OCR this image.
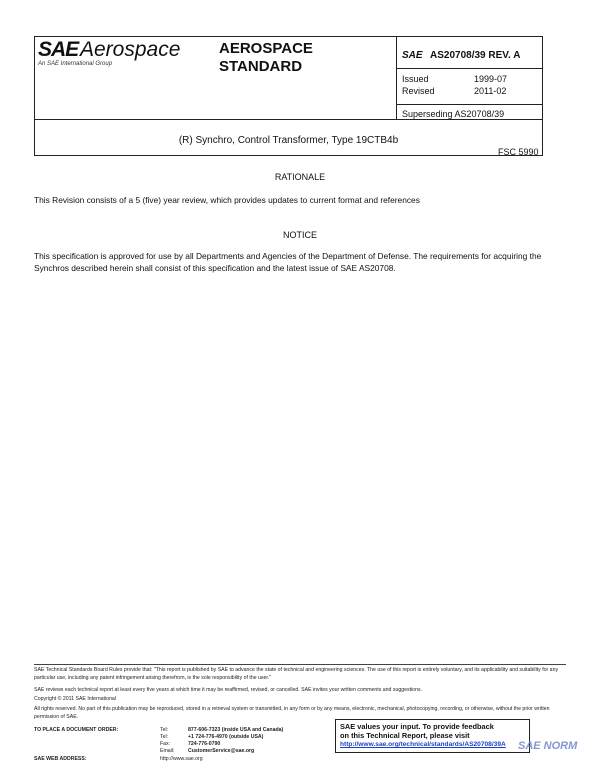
SAE Aerospace
An SAE International Group
AEROSPACE
STANDARD
SAE AS20708/39 REV. A
Issued	1999-07
Revised	2011-02
Superseding AS20708/39
(R) Synchro, Control Transformer, Type 19CTB4b
FSC 5990
RATIONALE
This Revision consists of a 5 (five) year review, which provides updates to current format and references
NOTICE
This specification is approved for use by all Departments and Agencies of the Department of Defense. The requirements for acquiring the Synchros described herein shall consist of this specification and the latest issue of SAE AS20708.
SAE Technical Standards Board Rules provide that: "This report is published by SAE to advance the state of technical and engineering sciences. The use of this report is entirely voluntary, and its applicability and suitability for any particular use, including any patent infringement arising therefrom, is the sole responsibility of the user."
SAE reviews each technical report at least every five years at which time it may be reaffirmed, revised, or cancelled. SAE invites your written comments and suggestions.
Copyright © 2011 SAE International
All rights reserved. No part of this publication may be reproduced, stored in a retrieval system or transmitted, in any form or by any means, electronic, mechanical, photocopying, recording, or otherwise, without the prior written permission of SAE.
TO PLACE A DOCUMENT ORDER:	Tel:	877-606-7323 (inside USA and Canada)
Tel:	+1 724-776-4970 (outside USA)
Fax:	724-776-0790
Email:	CustomerService@sae.org
SAE WEB ADDRESS:	http://www.sae.org
SAE values your input. To provide feedback
on this Technical Report, please visit
http://www.sae.org/technical/standards/AS20708/39A	SAE NORM
